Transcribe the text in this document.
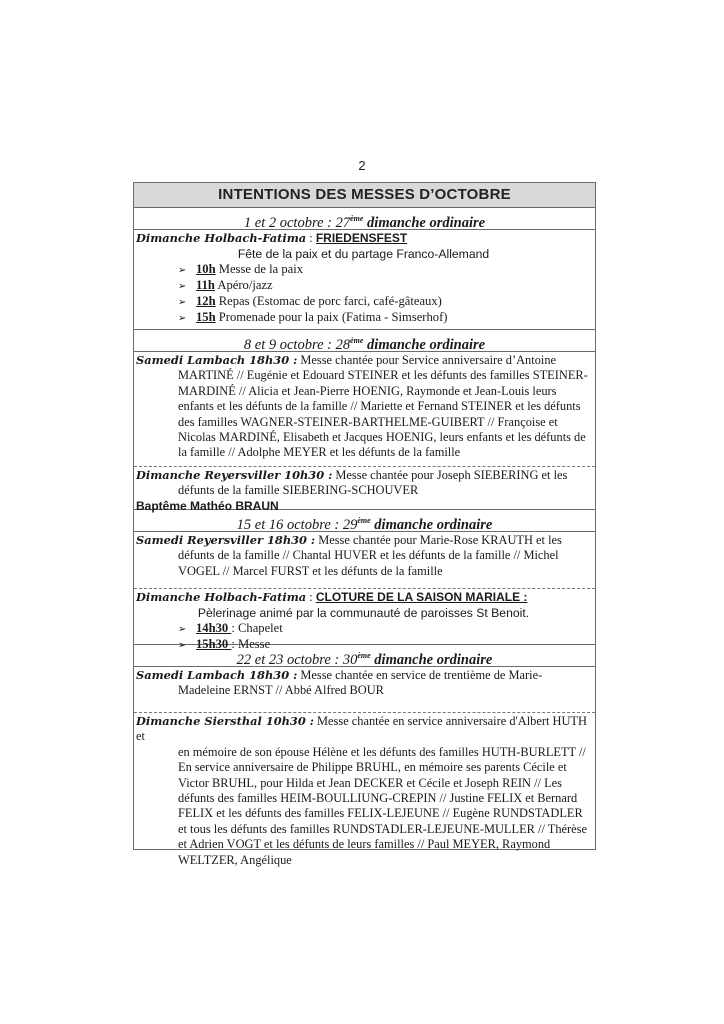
2
INTENTIONS DES MESSES D’OCTOBRE
1 et 2 octobre : 27ème dimanche ordinaire
Dimanche Holbach-Fatima : FRIEDENSFEST
Fête de la paix et du partage Franco-Allemand
➢ 10h Messe de la paix
➢ 11h Apéro/jazz
➢ 12h Repas (Estomac de porc farci, café-gâteaux)
➢ 15h Promenade pour la paix (Fatima - Simserhof)
8 et 9 octobre : 28ème dimanche ordinaire
Samedi Lambach 18h30 : Messe chantée pour Service anniversaire d’Antoine
MARTINÉ // Eugénie et Edouard STEINER et les défunts des familles STEINER-MARDINÉ // Alicia et Jean-Pierre HOENIG, Raymonde et Jean-Louis leurs enfants et les défunts de la famille // Mariette et Fernand STEINER et les défunts des familles WAGNER-STEINER-BARTHELME-GUIBERT // Françoise et Nicolas MARDINÉ, Elisabeth et Jacques HOENIG, leurs enfants et les défunts de la famille // Adolphe MEYER et les défunts de la famille
Dimanche Reyersviller 10h30 : Messe chantée pour Joseph SIEBERING et les
défunts de la famille SIEBERING-SCHOUVER
Baptême Mathéo BRAUN
15 et 16 octobre : 29ème dimanche ordinaire
Samedi Reyersviller 18h30 : Messe chantée pour Marie-Rose KRAUTH et les
défunts de la famille // Chantal HUVER et les défunts de la famille // Michel VOGEL // Marcel FURST et les défunts de la famille
Dimanche Holbach-Fatima : CLOTURE DE LA SAISON MARIALE :
Pèlerinage animé par la communauté de paroisses St Benoit.
➢ 14h30 : Chapelet
➢ 15h30 : Messe
22 et 23 octobre : 30ème dimanche ordinaire
Samedi Lambach 18h30 : Messe chantée en service de trentième de Marie-
Madeleine ERNST // Abbé Alfred BOUR
Dimanche Siersthal 10h30 : Messe chantée en service anniversaire d'Albert HUTH et
en mémoire de son épouse Hélène et les défunts des familles HUTH-BURLETT // En service anniversaire de Philippe BRUHL, en mémoire ses parents Cécile et Victor BRUHL, pour Hilda et Jean DECKER et Cécile et Joseph REIN // Les défunts des familles HEIM-BOULLIUNG-CREPIN // Justine FELIX et Bernard FELIX et les défunts des familles FELIX-LEJEUNE // Eugène RUNDSTADLER et tous les défunts des familles RUNDSTADLER-LEJEUNE-MULLER // Thérèse et Adrien VOGT et les défunts de leurs familles // Paul MEYER, Raymond WELTZER, Angélique
